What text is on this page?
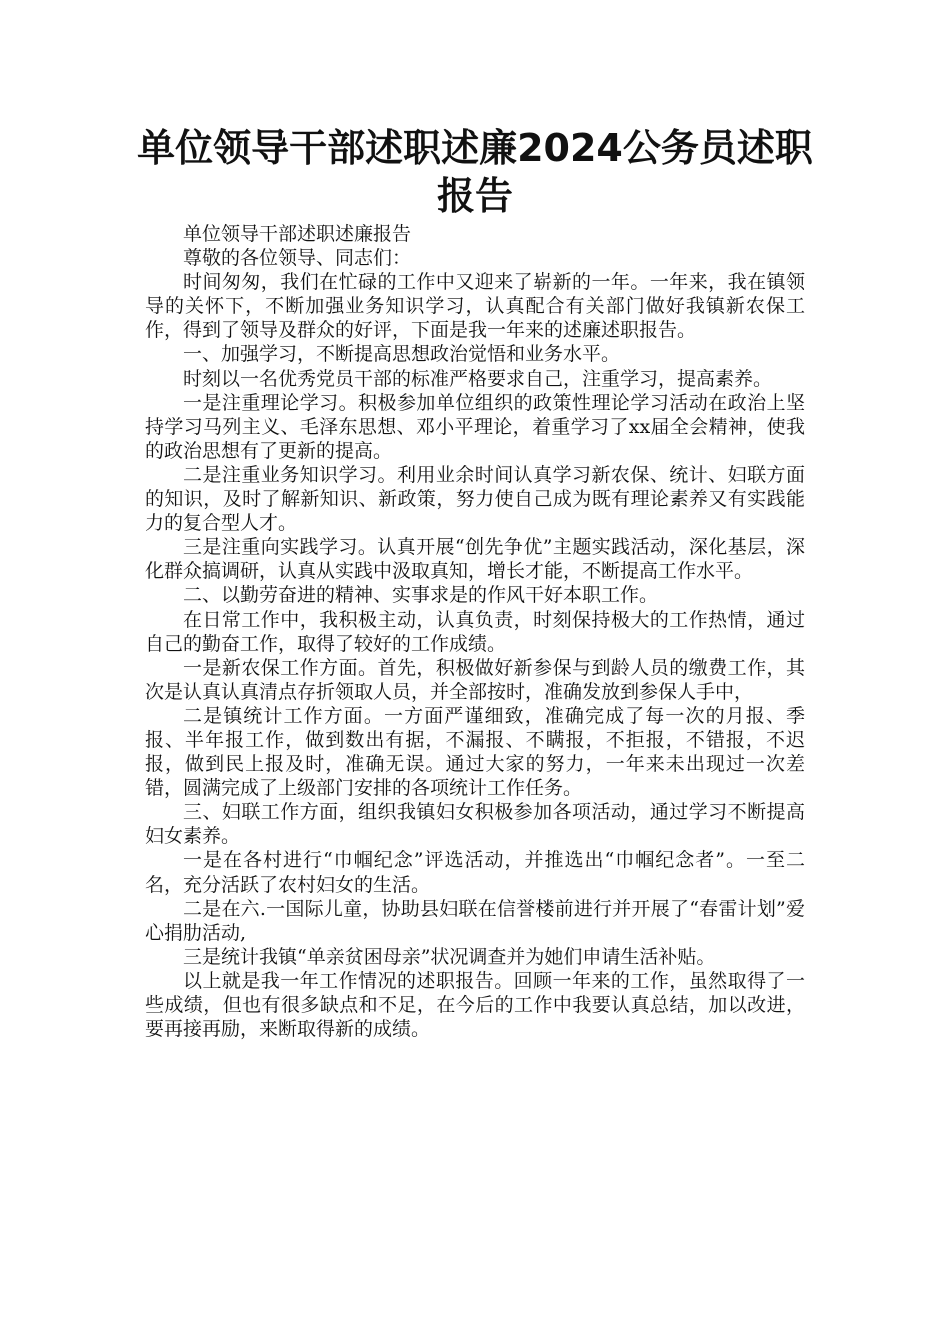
单位领导干部述职述廉2024公务员述职报告

单位领导干部述职述廉报告

尊敬的各位领导、同志们：

时间匆匆，我们在忙碌的工作中又迎来了崭新的一年。一年来，我在镇领导的关怀下，不断加强业务知识学习，认真配合有关部门做好我镇新农保工作，得到了领导及群众的好评，下面是我一年来的述廉述职报告。

一、加强学习，不断提高思想政治觉悟和业务水平。

时刻以一名优秀党员干部的标准严格要求自己，注重学习，提高素养。

一是注重理论学习。积极参加单位组织的政策性理论学习活动在政治上坚持学习马列主义、毛泽东思想、邓小平理论，着重学习了xx届全会精神，使我的政治思想有了更新的提高。

二是注重业务知识学习。利用业余时间认真学习新农保、统计、妇联方面的知识，及时了解新知识、新政策，努力使自己成为既有理论素养又有实践能力的复合型人才。

三是注重向实践学习。认真开展“创先争优”主题实践活动，深化基层，深化群众搞调研，认真从实践中汲取真知，增长才能，不断提高工作水平。

二、以勤劳奋进的精神、实事求是的作风干好本职工作。

在日常工作中，我积极主动，认真负责，时刻保持极大的工作热情，通过自己的勤奋工作，取得了较好的工作成绩。

一是新农保工作方面。首先，积极做好新参保与到龄人员的缴费工作，其次是认真认真清点存折领取人员，并全部按时，准确发放到参保人手中，

二是镇统计工作方面。一方面严谨细致，准确完成了每一次的月报、季报、半年报工作，做到数出有据，不漏报、不瞒报，不拒报，不错报，不迟报，做到民上报及时，准确无误。通过大家的努力，一年来未出现过一次差错，圆满完成了上级部门安排的各项统计工作任务。

三、妇联工作方面，组织我镇妇女积极参加各项活动，通过学习不断提高妇女素养。

一是在各村进行“巾帼纪念”评选活动，并推选出“巾帼纪念者”。一至二名，充分活跃了农村妇女的生活。

二是在六.一国际儿童，协助县妇联在信誉楼前进行并开展了“春雷计划”爱心捐肋活动,

三是统计我镇“单亲贫困母亲”状况调查并为她们申请生活补贴。

以上就是我一年工作情况的述职报告。回顾一年来的工作，虽然取得了一些成绩，但也有很多缺点和不足，在今后的工作中我要认真总结，加以改进，要再接再励，来断取得新的成绩。
